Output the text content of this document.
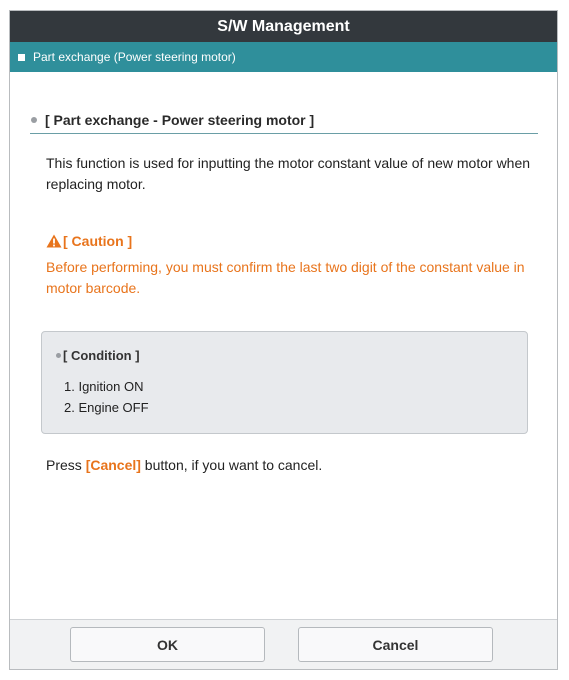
S/W Management
Part exchange (Power steering motor)
[ Part exchange - Power steering motor ]
This function is used for inputting the motor constant value of new motor when replacing motor.
[ Caution ]
Before performing, you must confirm the last two digit of the constant value in motor barcode.
[ Condition ]
1. Ignition ON
2. Engine OFF
Press [Cancel] button, if you want to cancel.
OK	Cancel
